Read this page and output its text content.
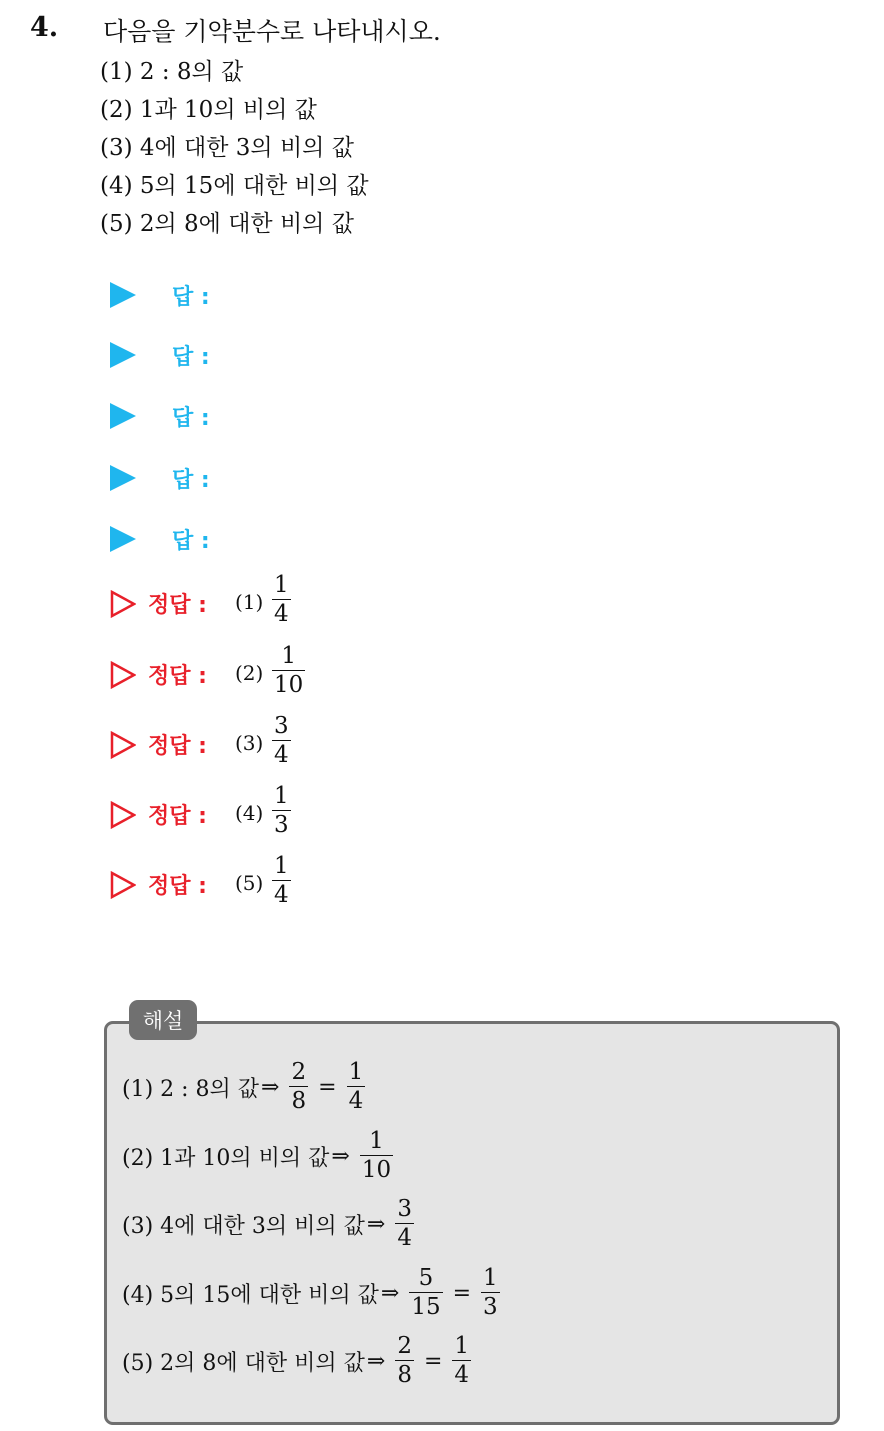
4. 다음을 기약분수로 나타내시오.
(1) 2 : 8의 값
(2) 1과 10의 비의 값
(3) 4에 대한 3의 비의 값
(4) 5의 15에 대한 비의 값
(5) 2의 8에 대한 비의 값
답 :
답 :
답 :
답 :
답 :
정답 : $(1) \frac{1}{4}$
정답 : $(2) \frac{1}{10}$
정답 : $(3) \frac{3}{4}$
정답 : $(4) \frac{1}{3}$
정답 : $(5) \frac{1}{4}$
해설
(1) 2 : 8의 값 ⇒ $\frac{2}{8} = \frac{1}{4}$
(2) 1과 10의 비의 값 ⇒ $\frac{1}{10}$
(3) 4에 대한 3의 비의 값 ⇒ $\frac{3}{4}$
(4) 5의 15에 대한 비의 값 ⇒ $\frac{5}{15} = \frac{1}{3}$
(5) 2의 8에 대한 비의 값 ⇒ $\frac{2}{8} = \frac{1}{4}$
